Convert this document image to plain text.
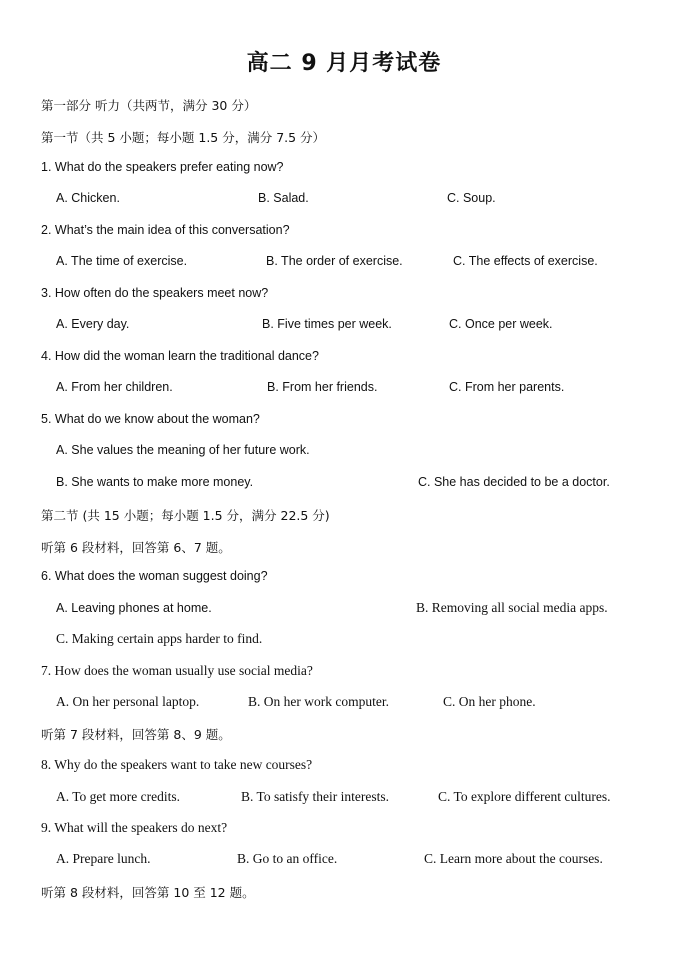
高二 9 月月考试卷
第一部分 听力（共两节，满分 30 分）
第一节（共 5 小题；每小题 1.5 分，满分 7.5 分）
1. What do the speakers prefer eating now?
A. Chicken.	B. Salad.	C. Soup.
2. What’s the main idea of this conversation?
A. The time of exercise.	B. The order of exercise.	C. The effects of exercise.
3. How often do the speakers meet now?
A. Every day.	B. Five times per week.	C. Once per week.
4. How did the woman learn the traditional dance?
A. From her children.	B. From her friends.	C. From her parents.
5. What do we know about the woman?
A. She values the meaning of her future work.
B. She wants to make more money.	C. She has decided to be a doctor.
第二节 (共 15 小题；每小题 1.5 分，满分 22.5 分)
听第 6 段材料，回答第 6、7 题。
6. What does the woman suggest doing?
A. Leaving phones at home.	B. Removing all social media apps.
C. Making certain apps harder to find.
7. How does the woman usually use social media?
A. On her personal laptop.	B. On her work computer.	C. On her phone.
听第 7 段材料，回答第 8、9 题。
8. Why do the speakers want to take new courses?
A. To get more credits.	B. To satisfy their interests.	C. To explore different cultures.
9. What will the speakers do next?
A. Prepare lunch.	B. Go to an office.	C. Learn more about the courses.
听第 8 段材料，回答第 10 至 12 题。
